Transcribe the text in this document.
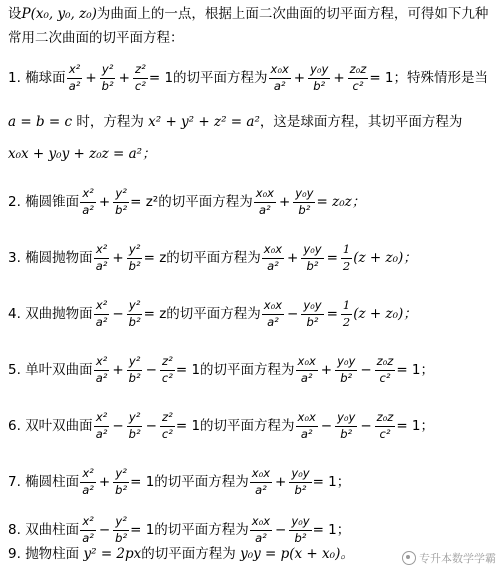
设 P(x₀, y₀, z₀) 为曲面上的一点，根据上面二次曲面的切平面方程，可得如下九种
常用二次曲面的切平面方程：
1.
椭球面 $\frac{\text{x²}}{\text{a²}} + \frac{\text{y²}}{\text{b²}} + \frac{\text{z²}}{\text{c²}} = 1$的切平面方程为 $\frac{\text{x₀x}}{\text{a²}} + \frac{\text{y₀y}}{\text{b²}} + \frac{\text{z₀z}}{\text{c²}} = 1$；特殊情形是当
a = b = c
时，方程为
x² + y² + z² = a² ，这是球面方程，其切平面方程为
x₀x + y₀y + z₀z = a²；
2.
椭圆锥面 $\frac{\text{x²}}{\text{a²}} + \frac{\text{y²}}{\text{b²}} = z^2$的切平面方程为 $\frac{\text{x₀x}}{\text{a²}} + \frac{\text{y₀y}}{\text{b²}} = z_0z$；
3.
椭圆抛物面 $\frac{\text{x²}}{\text{a²}} + \frac{\text{y²}}{\text{b²}} = z$的切平面方程为 $\frac{\text{x₀x}}{\text{a²}} + \frac{\text{y₀y}}{\text{b²}} = \frac{1}{2} (z + z_0)$；
4.
双曲抛物面 $\frac{\text{x²}}{\text{a²}} - \frac{\text{y²}}{\text{b²}} = z$的切平面方程为 $\frac{\text{x₀x}}{\text{a²}} - \frac{\text{y₀y}}{\text{b²}} = \frac{1}{2} (z + z_0)$；
5.
单叶双曲面 $\frac{\text{x²}}{\text{a²}} + \frac{\text{y²}}{\text{b²}} - \frac{\text{z²}}{\text{c²}} = 1$的切平面方程为 $\frac{\text{x₀x}}{\text{a²}} + \frac{\text{y₀y}}{\text{b²}} - \frac{\text{z₀z}}{\text{c²}} = 1$；
6.
双叶双曲面 $\frac{\text{x²}}{\text{a²}} - \frac{\text{y²}}{\text{b²}} - \frac{\text{z²}}{\text{c²}} = 1$的切平面方程为 $\frac{\text{x₀x}}{\text{a²}} - \frac{\text{y₀y}}{\text{b²}} - \frac{\text{z₀z}}{\text{c²}} = 1$；
7.
椭圆柱面 $\frac{\text{x²}}{\text{a²}} + \frac{\text{y²}}{\text{b²}} = 1$的切平面方程为 $\frac{\text{x₀x}}{\text{a²}} + \frac{\text{y₀y}}{\text{b²}} = 1$；
8.
双曲柱面 $\frac{\text{x²}}{\text{a²}} - \frac{\text{y²}}{\text{b²}} = 1$的切平面方程为 $\frac{\text{x₀x}}{\text{a²}} - \frac{\text{y₀y}}{\text{b²}} = 1$；
9.
抛物柱面
y² = 2px 的切平面方程为
y₀y = p(x + x₀)。	专升本数学学霸
